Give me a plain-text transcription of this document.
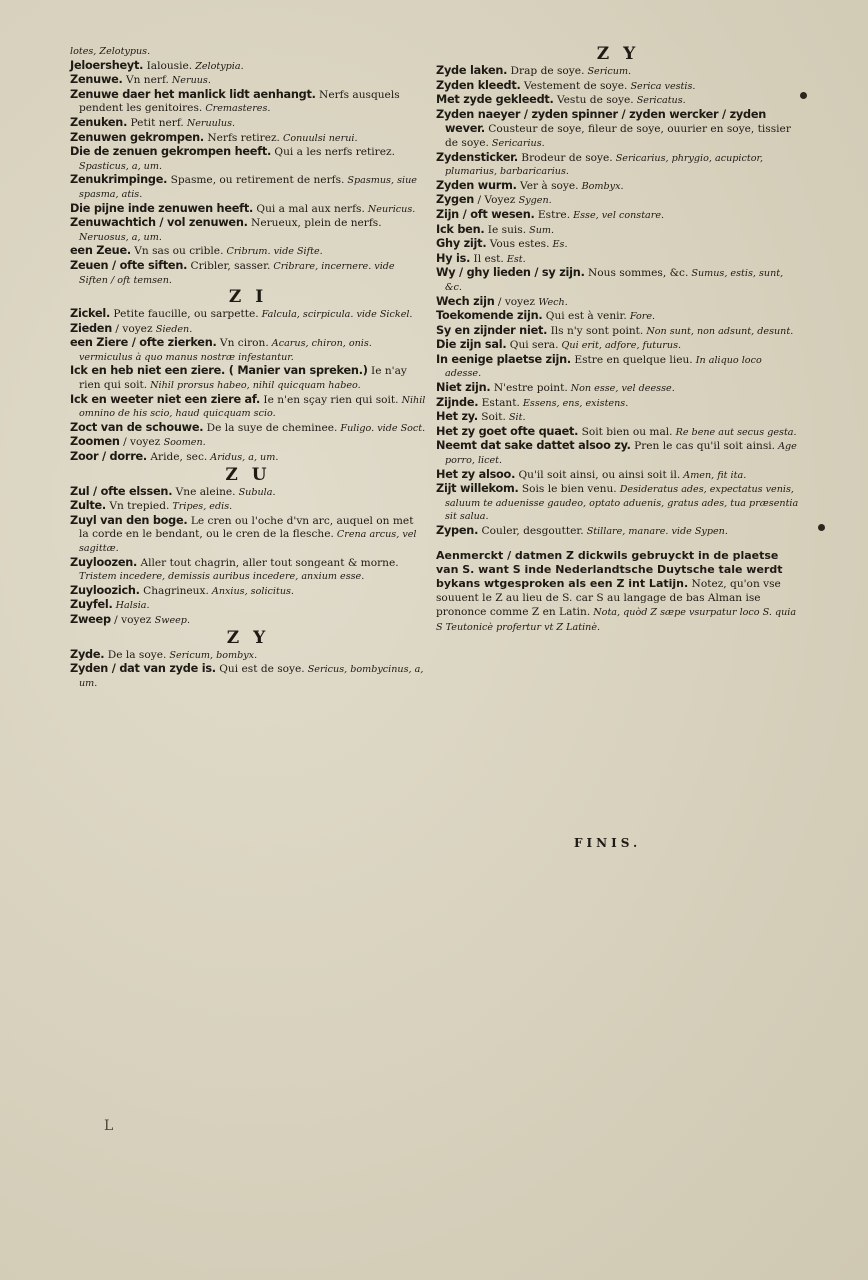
lotes, Zelotypus.
Jeloersheyt. Ialousie. Zelotypia.
Zenuwe. Vn nerf. Neruus.
Zenuwe daer het manlick lidt aenhangt. Nerfs ausquels pendent les genitoires. Cremasteres.
Zenuken. Petit nerf. Neruulus.
Zenuwen gekrompen. Nerfs retirez. Conuulsi nerui.
Die de zenuen gekrompen heeft. Qui a les nerfs retirez. Spasticus, a, um.
Zenukrimpinge. Spasme, ou retirement de nerfs. Spasmus, siue spasma, atis.
Die pijne inde zenuwen heeft. Qui a mal aux nerfs. Neuricus.
Zenuwachtich / vol zenuwen. Nerueux, plein de nerfs. Neruosus, a, um.
een Zeue. Vn sas ou crible. Cribrum. vide Sifte.
Zeuen / ofte siften. Cribler, sasser. Cribrare, incernere. vide Siften / oft temsen.
Z I
Zickel. Petite faucille, ou sarpette. Falcula, scirpicula. vide Sickel.
Zieden / voyez Sieden.
een Ziere / ofte zierken. Vn ciron. Acarus, chiron, onis. vermiculus à quo manus nostræ infestantur.
Ick en heb niet een ziere. ( Manier van spreken.) Ie n'ay rien qui soit. Nihil prorsus habeo, nihil quicquam habeo.
Ick en weeter niet een ziere af. Ie n'en sçay rien qui soit. Nihil omnino de his scio, haud quicquam scio.
Zoct van de schouwe. De la suye de cheminee. Fuligo. vide Soct.
Zoomen / voyez Soomen.
Zoor / dorre. Aride, sec. Aridus, a, um.
Z U
Zul / ofte elssen. Vne aleine. Subula.
Zulte. Vn trepied. Tripes, edis.
Zuyl van den boge. Le cren ou l'oche d'vn arc, auquel on met la corde en le bendant, ou le cren de la flesche. Crena arcus, vel sagittæ.
Zuyloozen. Aller tout chagrin, aller tout songeant & morne. Tristem incedere, demissis auribus incedere, anxium esse.
Zuyloozich. Chagrineux. Anxius, solicitus.
Zuyfel. Halsia.
Zweep / voyez Sweep.
Z Y
Zyde. De la soye. Sericum, bombyx.
Zyden / dat van zyde is. Qui est de soye. Sericus, bombycinus, a, um.
Z Y
Zyde laken. Drap de soye. Sericum.
Zyden kleedt. Vestement de soye. Serica vestis.
Met zyde gekleedt. Vestu de soye. Sericatus.
Zyden naeyer / zyden spinner / zyden wercker / zyden wever. Cousteur de soye, fileur de soye, ouurier en soye, tissier de soye. Sericarius.
Zydensticker. Brodeur de soye. Sericarius, phrygio, acupictor, plumarius, barbaricarius.
Zyden wurm. Ver à soye. Bombyx.
Zygen / Voyez Sygen.
Zijn / oft wesen. Estre. Esse, vel constare.
Ick ben. Ie suis. Sum.
Ghy zijt. Vous estes. Es.
Hy is. Il est. Est.
Wy / ghy lieden / sy zijn. Nous sommes, &c. Sumus, estis, sunt, &c.
Wech zijn / voyez Wech.
Toekomende zijn. Qui est à venir. Fore.
Sy en zijnder niet. Ils n'y sont point. Non sunt, non adsunt, desunt.
Die zijn sal. Qui sera. Qui erit, adfore, futurus.
In eenige plaetse zijn. Estre en quelque lieu. In aliquo loco adesse.
Niet zijn. N'estre point. Non esse, vel deesse.
Zijnde. Estant. Essens, ens, existens.
Het zy. Soit. Sit.
Het zy goet ofte quaet. Soit bien ou mal. Re bene aut secus gesta.
Neemt dat sake dattet alsoo zy. Pren le cas qu'il soit ainsi. Age porro, licet.
Het zy alsoo. Qu'il soit ainsi, ou ainsi soit il. Amen, fit ita.
Zijt willekom. Sois le bien venu. Desideratus ades, expectatus venis, saluum te aduenisse gaudeo, optato aduenis, gratus ades, tua præsentia sit salua.
Zypen. Couler, desgoutter. Stillare, manare. vide Sypen.
Aenmerckt / datmen Z dickwils gebruyckt in de plaetse van S. want S inde Nederlandtsche Duytsche tale werdt bykans wtgesproken als een Z int Latijn. Notez, qu'on vse souuent le Z au lieu de S. car S au langage de bas Alman ise prononce comme Z en Latin. Nota, quòd Z sæpe vsurpatur loco S. quia S Teutonicè profertur vt Z Latinè.
FINIS.
L
